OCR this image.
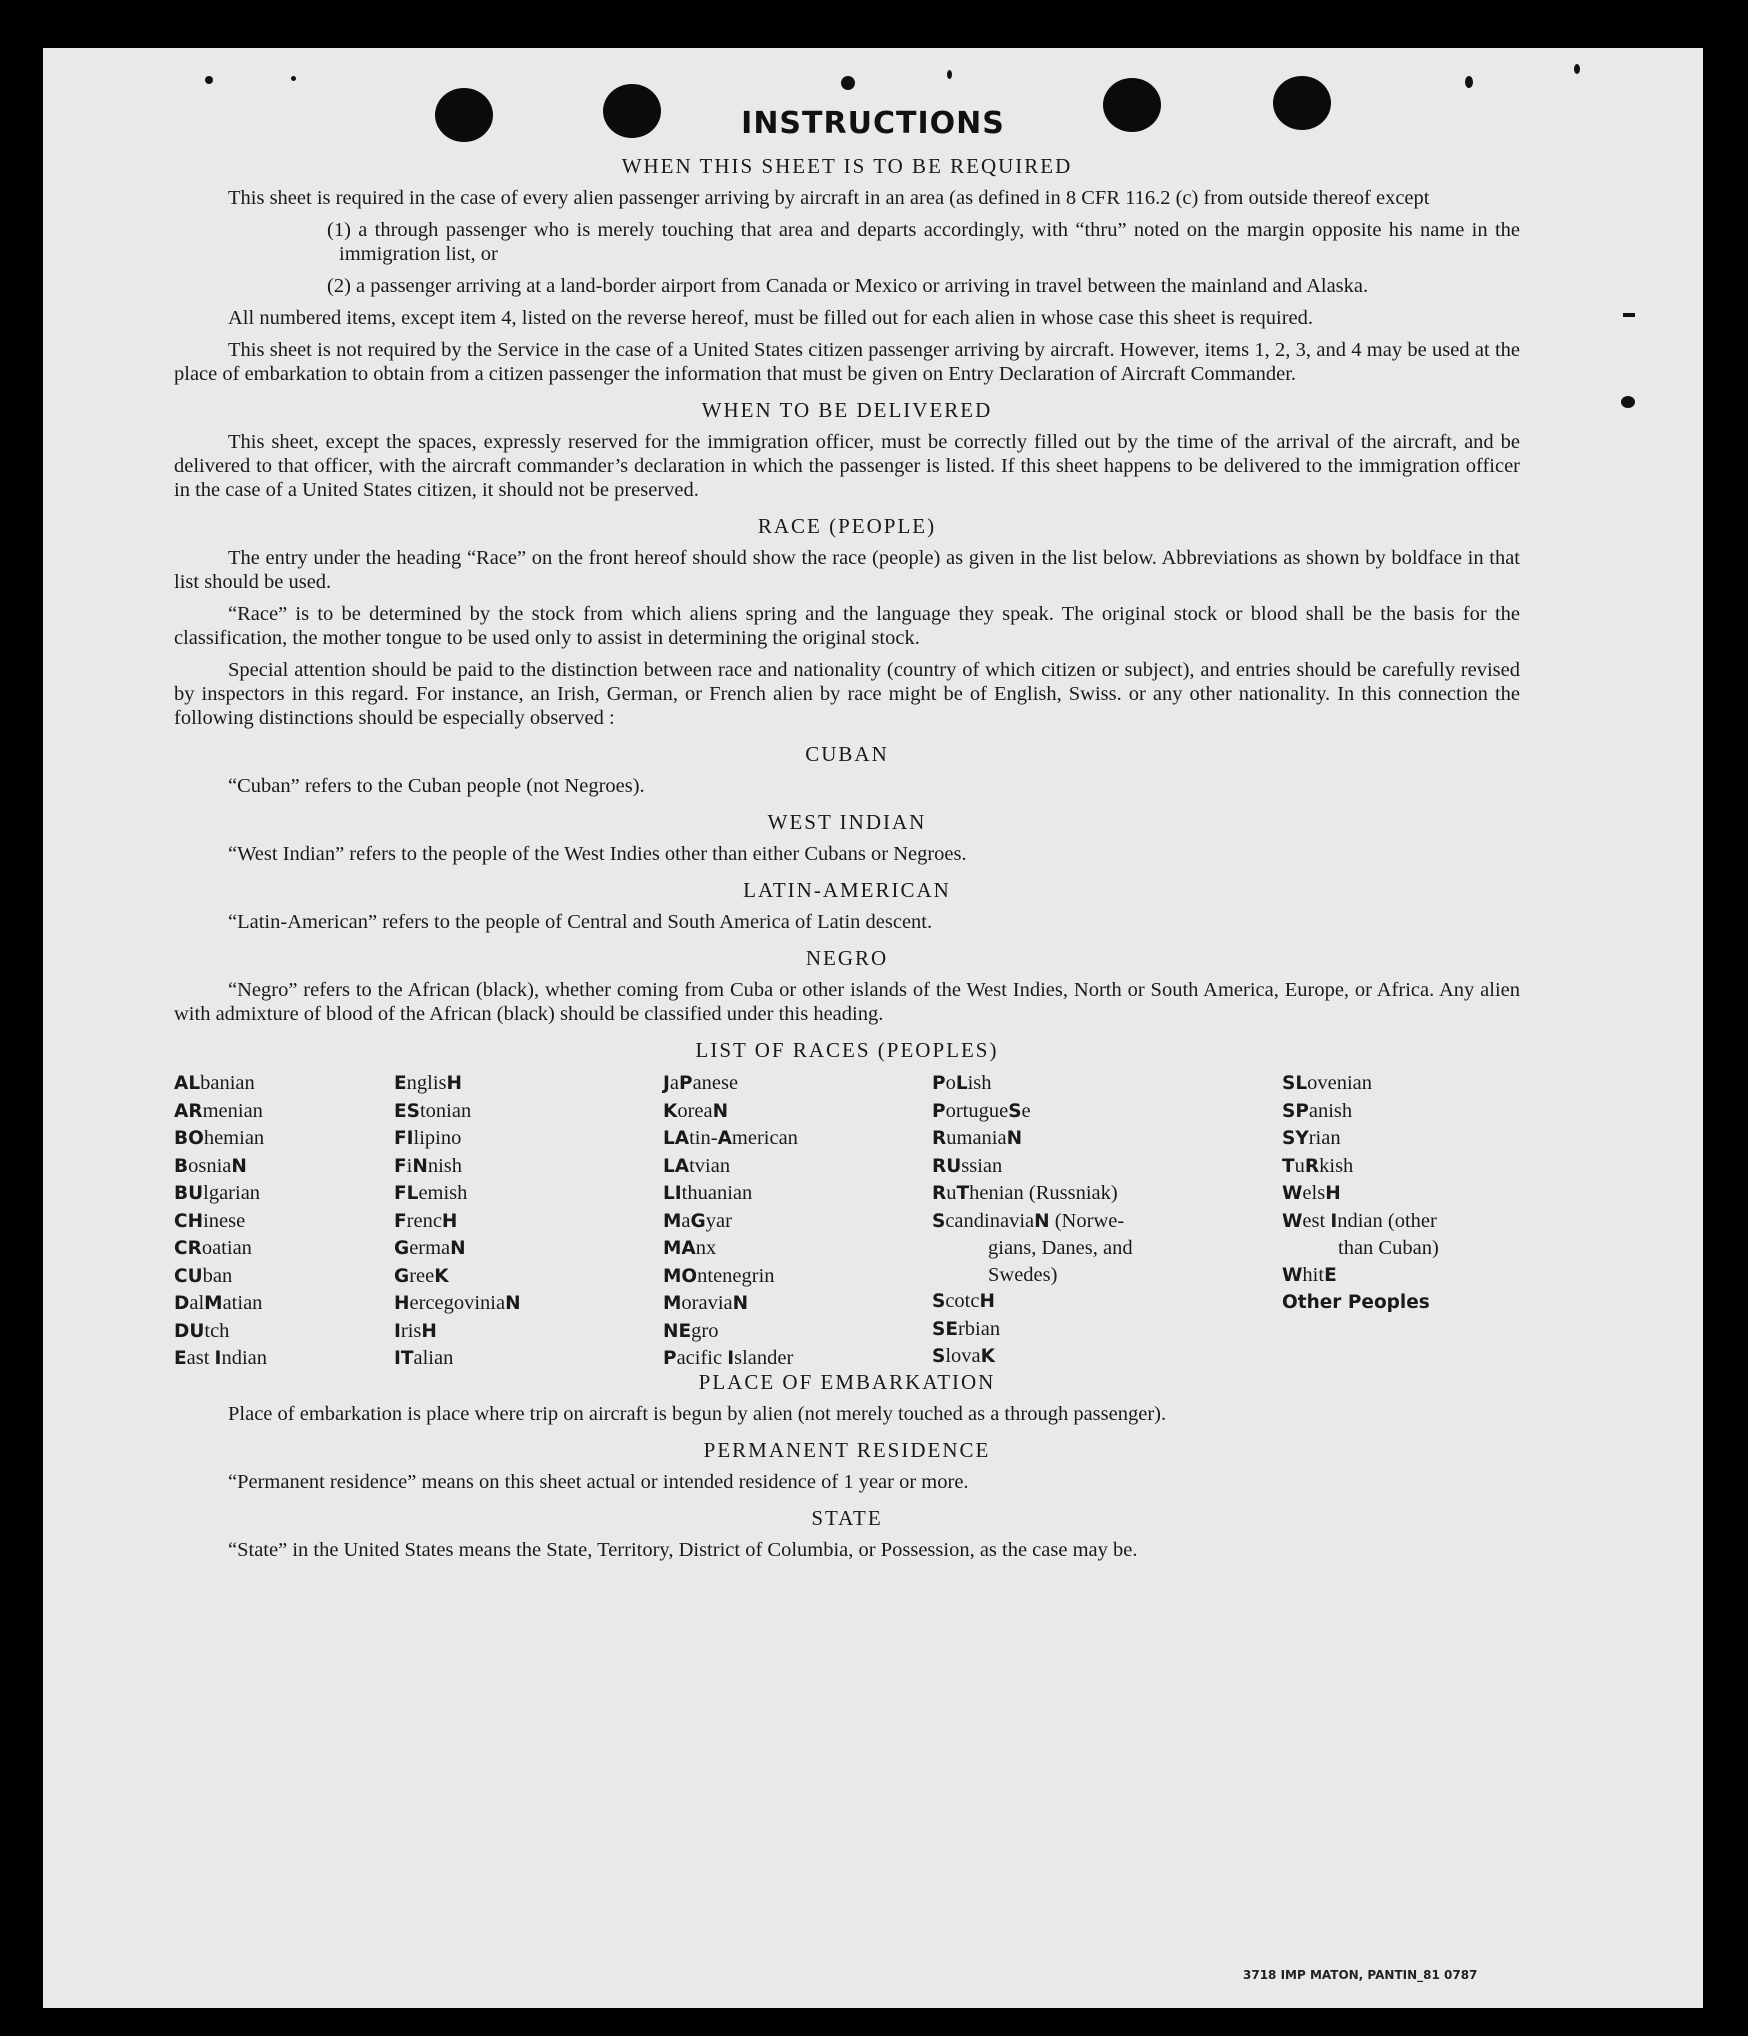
INSTRUCTIONS
WHEN THIS SHEET IS TO BE REQUIRED

This sheet is required in the case of every alien passenger arriving by aircraft in an area (as defined in 8 CFR 116.2 (c) from outside thereof except

(1) a through passenger who is merely touching that area and departs accordingly, with “thru” noted on the margin opposite his name in the immigration list, or

(2) a passenger arriving at a land-border airport from Canada or Mexico or arriving in travel between the mainland and Alaska.

All numbered items, except item 4, listed on the reverse hereof, must be filled out for each alien in whose case this sheet is required.

This sheet is not required by the Service in the case of a United States citizen passenger arriving by aircraft. However, items 1, 2, 3, and 4 may be used at the place of embarkation to obtain from a citizen passenger the information that must be given on Entry Declaration of Aircraft Commander.

WHEN TO BE DELIVERED

This sheet, except the spaces, expressly reserved for the immigration officer, must be correctly filled out by the time of the arrival of the aircraft, and be delivered to that officer, with the aircraft commander’s declaration in which the passenger is listed. If this sheet happens to be delivered to the immigration officer in the case of a United States citizen, it should not be preserved.

RACE (PEOPLE)

The entry under the heading “Race” on the front hereof should show the race (people) as given in the list below. Abbreviations as shown by boldface in that list should be used.

“Race” is to be determined by the stock from which aliens spring and the language they speak. The original stock or blood shall be the basis for the classification, the mother tongue to be used only to assist in determining the original stock.

Special attention should be paid to the distinction between race and nationality (country of which citizen or subject), and entries should be carefully revised by inspectors in this regard. For instance, an Irish, German, or French alien by race might be of English, Swiss. or any other nationality. In this connection the following distinctions should be especially observed :

CUBAN

“Cuban” refers to the Cuban people (not Negroes).

WEST INDIAN

“West Indian” refers to the people of the West Indies other than either Cubans or Negroes.

LATIN-AMERICAN

“Latin-American” refers to the people of Central and South America of Latin descent.

NEGRO

“Negro” refers to the African (black), whether coming from Cuba or other islands of the West Indies, North or South America, Europe, or Africa. Any alien with admixture of blood of the African (black) should be classified under this heading.

LIST OF RACES (PEOPLES)
ALbanian
ARmenian
BOhemian
BosniaN
BUlgarian
CHinese
CRoatian
CUban
DalMatian
DUtch
East Indian
EnglisH
EStonian
FIlipino
FiNnish
FLemish
FrencH
GermaN
GreeK
HercegoviniaN
IrisH
ITalian
JaPanese
KoreaN
LAtin-American
LAtvian
LIthuanian
MaGyar
MAnx
MOntenegrin
MoraviaN
NEgro
Pacific Islander
PoLish
PortugueSe
RumaniaN
RUssian
RuThenian (Russniak)
ScandinaviaN (Norwe-
gians, Danes, and
Swedes)
ScotcH
SErbian
SlovaK
SLovenian
SPanish
SYrian
TuRkish
WelsH
West Indian (other
than Cuban)
WhitE
Other Peoples
PLACE OF EMBARKATION

Place of embarkation is place where trip on aircraft is begun by alien (not merely touched as a through passenger).

PERMANENT RESIDENCE

“Permanent residence” means on this sheet actual or intended residence of 1 year or more.

STATE

“State” in the United States means the State, Territory, District of Columbia, or Possession, as the case may be.

3718 IMP MATON, PANTIN_81 0787
